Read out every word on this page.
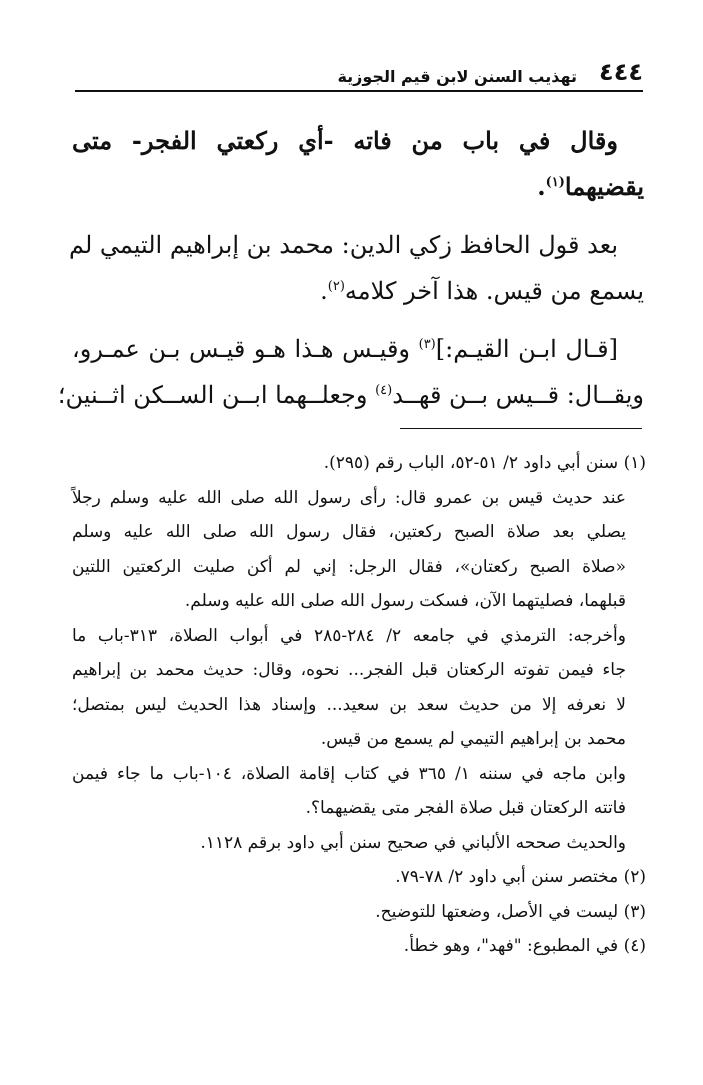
٤٤٤
تهذيب السنن لابن قيم الجوزية
وقال في باب من فاته -أي ركعتي الفجر- متى
يقضيهما$^{(١)}$.
بعد قول الحافظ زكي الدين: محمد بن إبراهيم التيمي لم
يسمع من قيس. هذا آخر كلامه$^{(٢)}$.
[قـال ابـن القيـم:]$^{(٣)}$ وقيـس هـذا هـو قيـس بـن عمـرو،
ويقــال: قــيس بــن قهــد$^{(٤)}$ وجعلــهما ابــن الســكن اثــنين؛
(١) سنن أبي داود ٢/ ٥١-٥٢، الباب رقم (٢٩٥).
عند حديث قيس بن عمرو قال: رأى رسول الله صلى الله عليه وسلم رجلاً
يصلي بعد صلاة الصبح ركعتين، فقال رسول الله صلى الله عليه وسلم
«صلاة الصبح ركعتان»، فقال الرجل: إني لم أكن صليت الركعتين اللتين
قبلهما، فصليتهما الآن، فسكت رسول الله صلى الله عليه وسلم.
وأخرجه: الترمذي في جامعه ٢/ ٢٨٤-٢٨٥ في أبواب الصلاة، ٣١٣-باب ما
جاء فيمن تفوته الركعتان قبل الفجر... نحوه، وقال: حديث محمد بن إبراهيم
لا نعرفه إلا من حديث سعد بن سعيد... وإسناد هذا الحديث ليس بمتصل؛
محمد بن إبراهيم التيمي لم يسمع من قيس.
وابن ماجه في سننه ١/ ٣٦٥ في كتاب إقامة الصلاة، ١٠٤-باب ما جاء فيمن
فاتته الركعتان قبل صلاة الفجر متى يقضيهما؟.
والحديث صححه الألباني في صحيح سنن أبي داود برقم ١١٢٨.
(٢) مختصر سنن أبي داود ٢/ ٧٨-٧٩.
(٣) ليست في الأصل، وضعتها للتوضيح.
(٤) في المطبوع: "فهد"، وهو خطأ.
